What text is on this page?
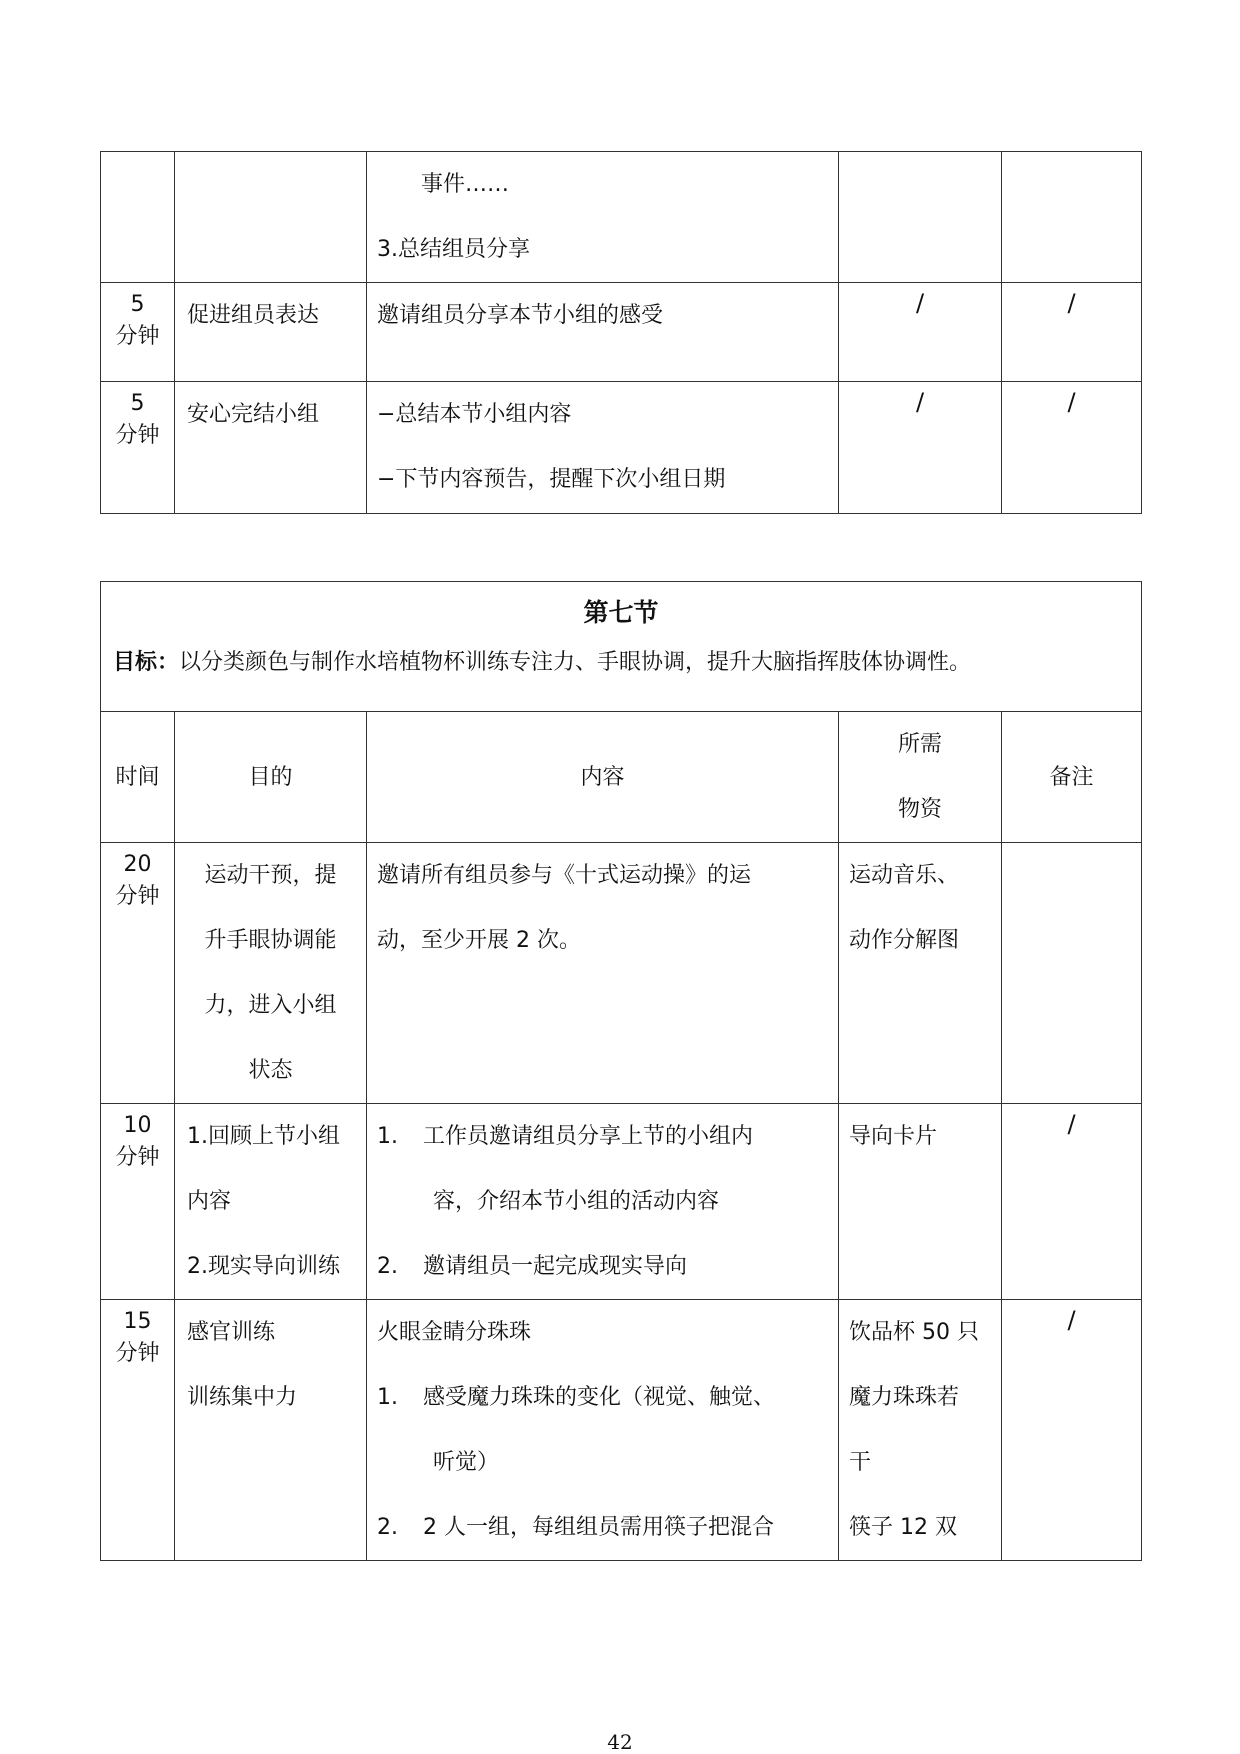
		事件……
3.总结组员分享		

5
分钟	促进组员表达	邀请组员分享本节小组的感受	/	/

5
分钟	安心完结小组	−总结本节小组内容
−下节内容预告，提醒下次小组日期	/	/
第七节
目标：以分类颜色与制作水培植物杯训练专注力、手眼协调，提升大脑指挥肢体协调性。				

时间	目的	内容	所需
物资	备注

20
分钟	运动干预，提
升手眼协调能
力，进入小组
状态	邀请所有组员参与《十式运动操》的运
动，至少开展 2 次。	运动音乐、
动作分解图	

10
分钟	1.回顾上节小组
内容
2.现实导向训练	1. 工作员邀请组员分享上节的小组内
容，介绍本节小组的活动内容
2. 邀请组员一起完成现实导向	导向卡片	/

15
分钟	感官训练
训练集中力	火眼金睛分珠珠
1. 感受魔力珠珠的变化（视觉、触觉、
听觉）
2. 2 人一组，每组组员需用筷子把混合	饮品杯 50 只
魔力珠珠若
干
筷子 12 双	/
42
